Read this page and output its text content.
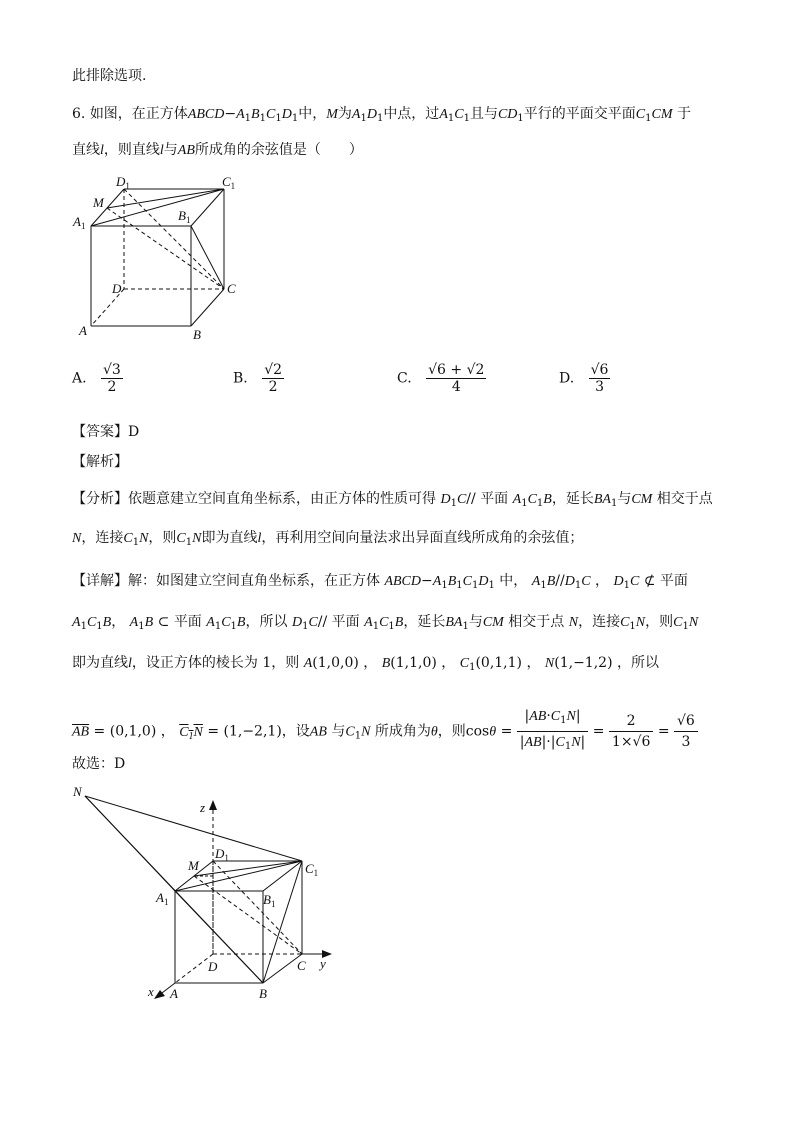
此排除选项.
6. 如图，在正方体$ABCD-A_1B_1C_1D_1$中，M为$A_1D_1$中点，过$A_1C_1$且与$CD_1$平行的平面交平面$C_1CM$ 于
直线l，则直线l与AB所成角的余弦值是（　　）
$D_1$	$C_1$
M
$A_1$
$B_1$
D	C
A	B
A. $\frac{√3}{2}$	B. $\frac{√2}{2}$	C. $\frac{√6 + √2}{4}$	D. $\frac{√6}{3}$
【答案】D
【解析】
【分析】依题意建立空间直角坐标系，由正方体的性质可得 $D_1C//$ 平面 $A_1C_1B$，延长$BA_1$与CM 相交于点
N，连接$C_1N$，则$C_1N$即为直线l，再利用空间向量法求出异面直线所成角的余弦值；
【详解】解：如图建立空间直角坐标系，在正方体 $ABCD-A_1B_1C_1D_1$ 中， $A_1B//D_1C$ ， $D_1C$ ⊄ 平面
$A_1C_1B$， $A_1B$ ⊂ 平面 $A_1C_1B$，所以 $D_1C//$ 平面 $A_1C_1B$，延长$BA_1$与CM 相交于点 N，连接$C_1N$，则$C_1N$
即为直线l，设正方体的棱长为 1，则 A(1,0,0) ， B(1,1,0) ， $C_1(0,1,1)$ ， N(1,−1,2) ，所以
$\overline{AB} = (0,1,0)$ ， $C_1N = (1,-2,1)$，设AB 与$C_1N$ 所成角为θ，则$\cos\theta = \frac{|AB\cdot C_1N|}{|AB|\cdot|C_1N|} = \frac{2}{1\times√6} = \frac{√6}{3}$
故选：D
N
z
M
$D_1$
$C_1$
$A_1$	$B_1$
D	C y
x A	B
